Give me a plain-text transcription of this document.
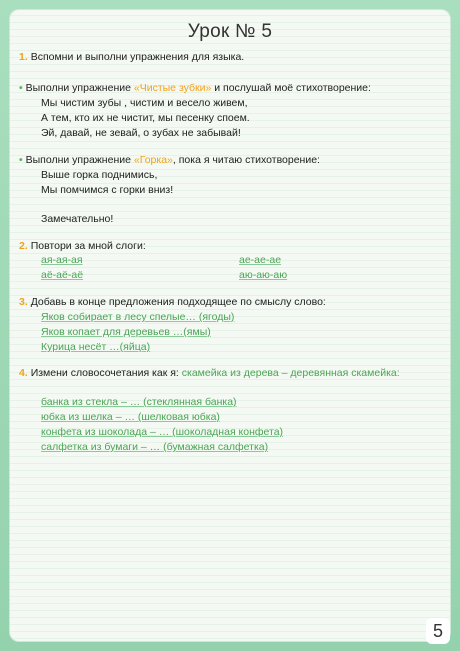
Урок № 5
1. Вспомни и выполни упражнения для языка.
• Выполни упражнение «Чистые зубки» и послушай моё стихотворение:
Мы чистим зубы , чистим и весело живем,
А тем, кто их не чистит, мы песенку споем.
Эй, давай, не зевай, о зубах не забывай!
• Выполни упражнение «Горка», пока я читаю стихотворение:
Выше горка поднимись,
Мы помчимся с горки вниз!
Замечательно!
2. Повтори за мной слоги:
ая-ая-ая	ае-ае-ае
аё-аё-аё	аю-аю-аю
3. Добавь в конце предложения подходящее по смыслу слово:
Яков собирает в лесу спелые… (ягоды)
Яков копает для деревьев …(ямы)
Курица несёт …(яйца)
4. Измени словосочетания как я: скамейка из дерева – деревянная скамейка:
банка из стекла – … (стеклянная банка)
юбка из шелка – … (шелковая юбка)
конфета из шоколада – … (шоколадная конфета)
салфетка из бумаги – … (бумажная салфетка)
5
